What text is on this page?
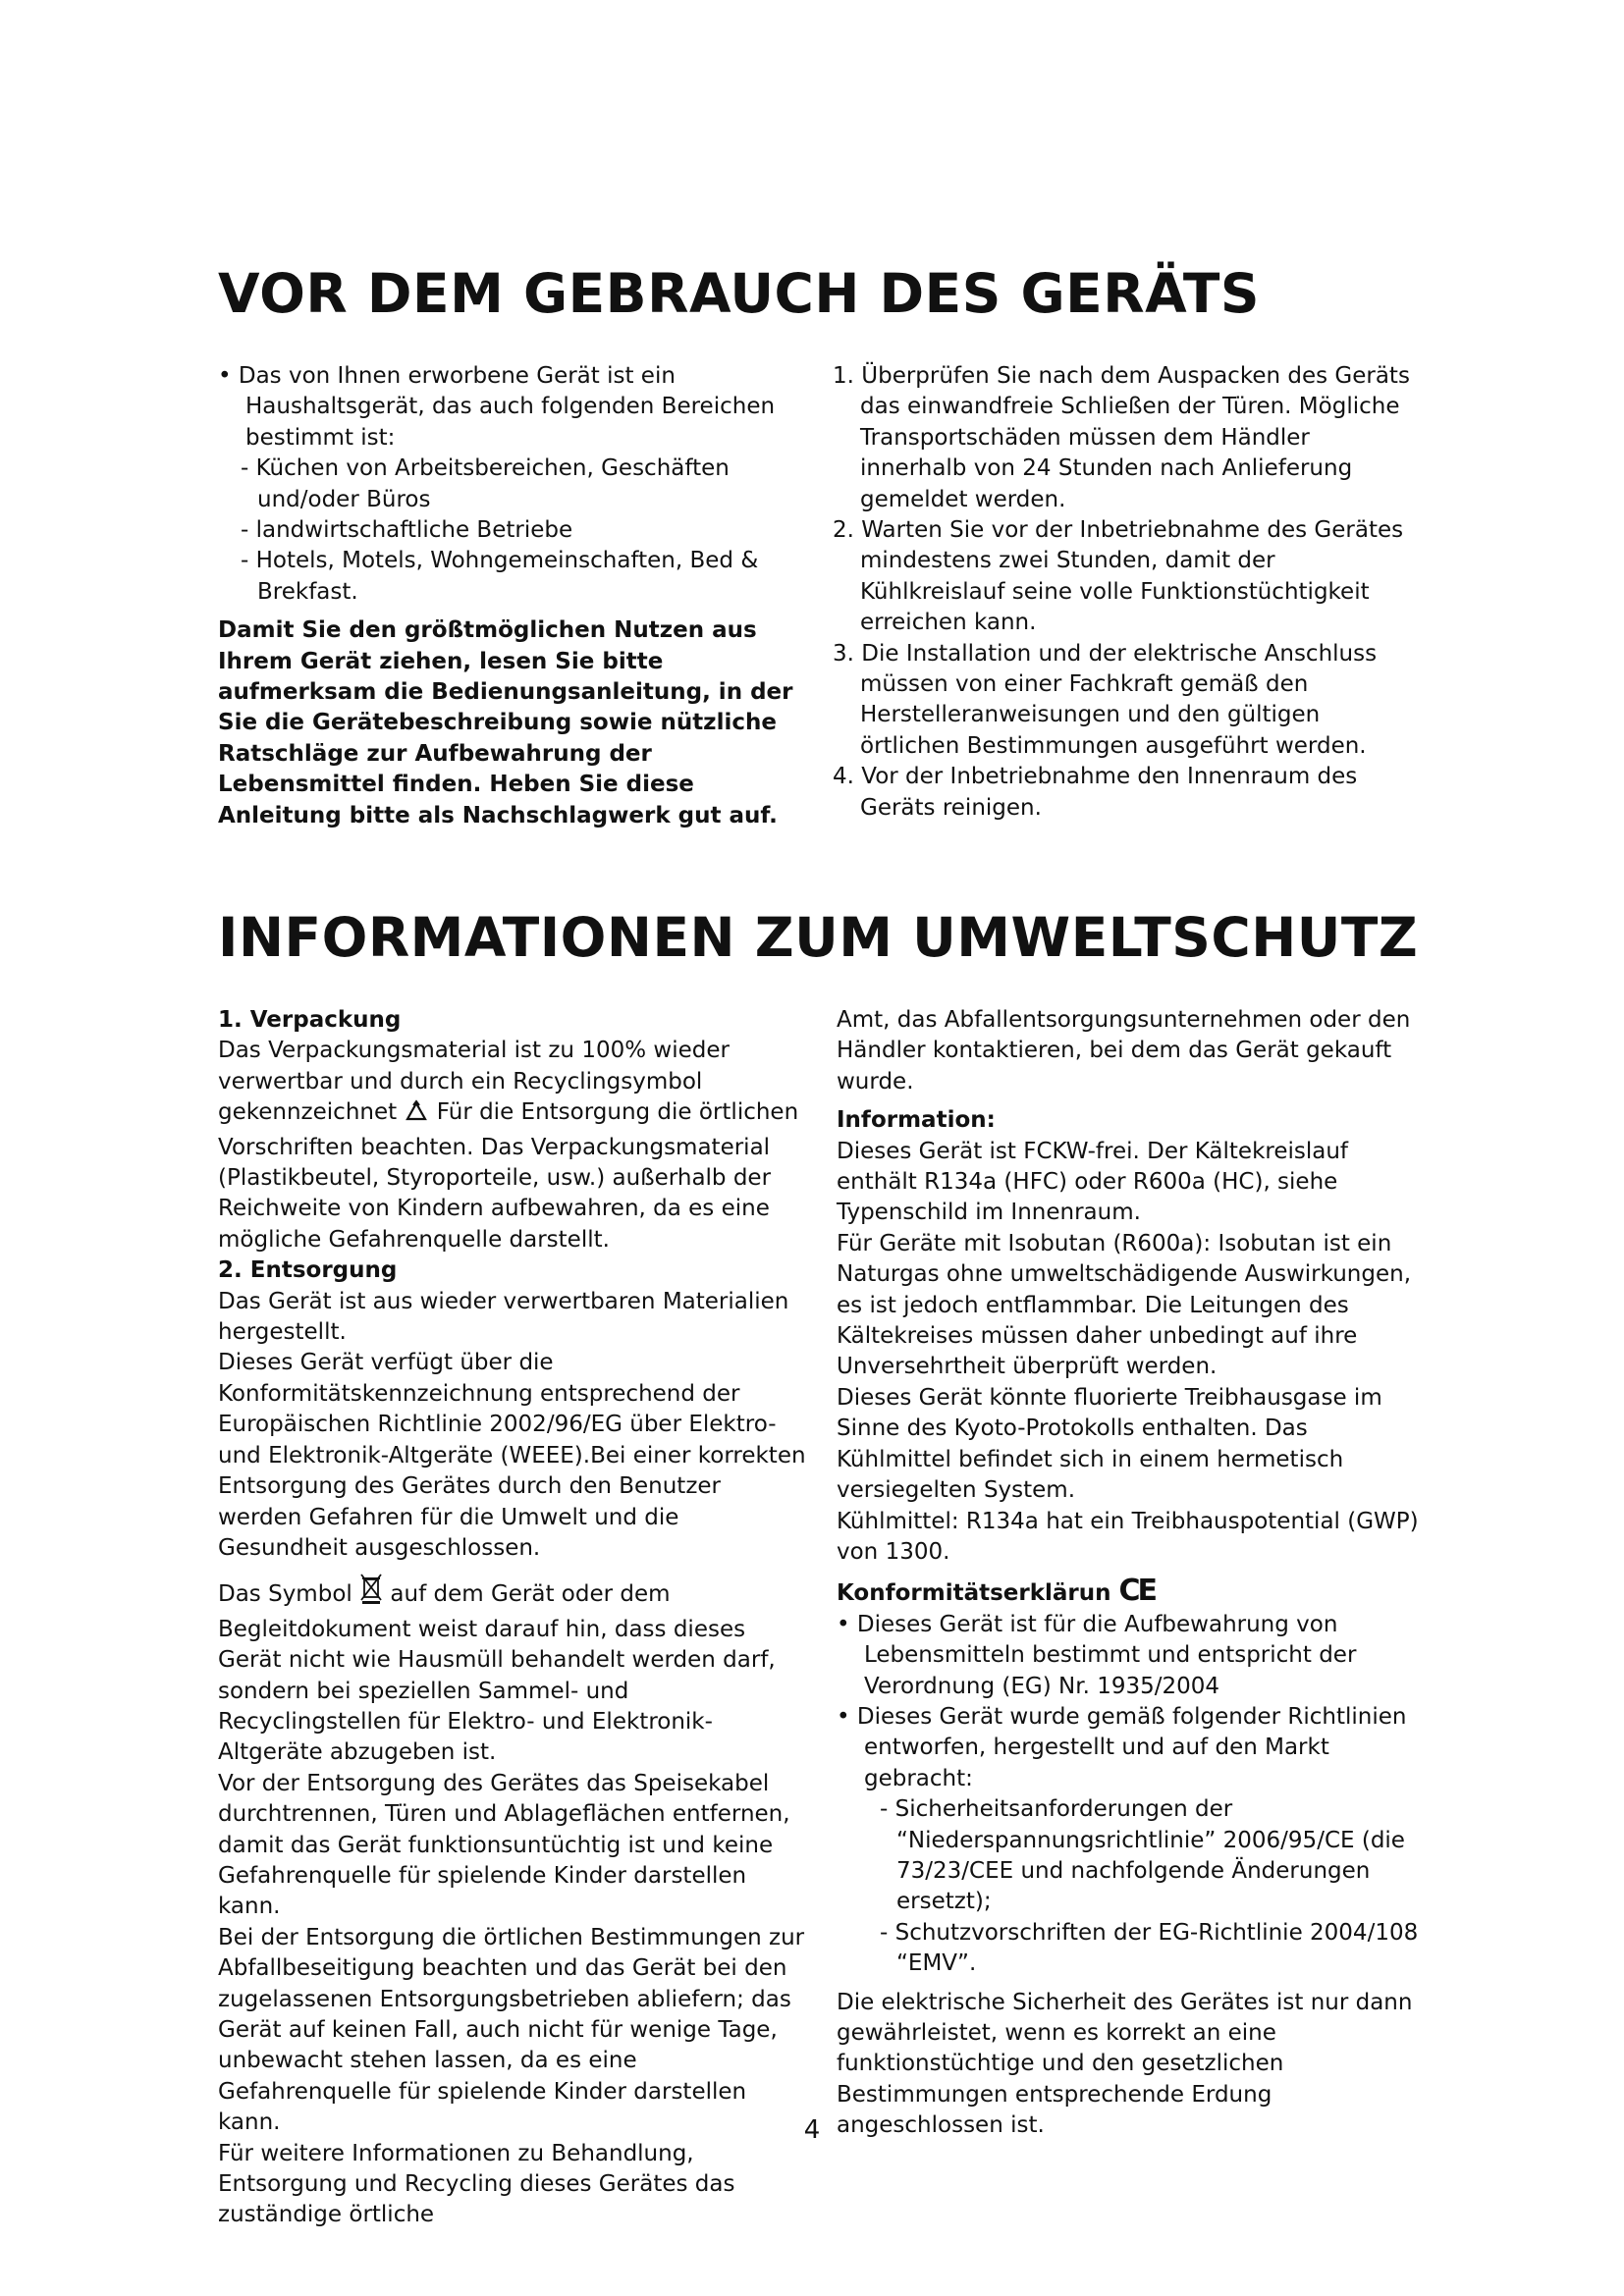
VOR DEM GEBRAUCH DES GERÄTS

• Das von Ihnen erworbene Gerät ist ein Haushaltsgerät, das auch folgenden Bereichen bestimmt ist:

- Küchen von Arbeitsbereichen, Geschäften und/oder Büros

- landwirtschaftliche Betriebe

- Hotels, Motels, Wohngemeinschaften, Bed & Brekfast.

Damit Sie den größtmöglichen Nutzen aus Ihrem Gerät ziehen, lesen Sie bitte aufmerksam die Bedienungsanleitung, in der Sie die Gerätebeschreibung sowie nützliche Ratschläge zur Aufbewahrung der Lebensmittel finden. Heben Sie diese Anleitung bitte als Nachschlagwerk gut auf.

1. Überprüfen Sie nach dem Auspacken des Geräts das einwandfreie Schließen der Türen. Mögliche Transportschäden müssen dem Händler innerhalb von 24 Stunden nach Anlieferung gemeldet werden.

2. Warten Sie vor der Inbetriebnahme des Gerätes mindestens zwei Stunden, damit der Kühlkreislauf seine volle Funktionstüchtigkeit erreichen kann.

3. Die Installation und der elektrische Anschluss müssen von einer Fachkraft gemäß den Herstelleranweisungen und den gültigen örtlichen Bestimmungen ausgeführt werden.

4. Vor der Inbetriebnahme den Innenraum des Geräts reinigen.

INFORMATIONEN ZUM UMWELTSCHUTZ

1. Verpackung

Das Verpackungsmaterial ist zu 100% wieder verwertbar und durch ein Recyclingsymbol gekennzeichnet Für die Entsorgung die örtlichen Vorschriften beachten. Das Verpackungsmaterial (Plastikbeutel, Styroporteile, usw.) außerhalb der Reichweite von Kindern aufbewahren, da es eine mögliche Gefahrenquelle darstellt.

2. Entsorgung

Das Gerät ist aus wieder verwertbaren Materialien hergestellt.

Dieses Gerät verfügt über die Konformitätskennzeichnung entsprechend der Europäischen Richtlinie 2002/96/EG über Elektro- und Elektronik-Altgeräte (WEEE).Bei einer korrekten Entsorgung des Gerätes durch den Benutzer werden Gefahren für die Umwelt und die Gesundheit ausgeschlossen.

Das Symbol auf dem Gerät oder dem Begleitdokument weist darauf hin, dass dieses Gerät nicht wie Hausmüll behandelt werden darf, sondern bei speziellen Sammel- und Recyclingstellen für Elektro- und Elektronik-Altgeräte abzugeben ist.

Vor der Entsorgung des Gerätes das Speisekabel durchtrennen, Türen und Ablageflächen entfernen, damit das Gerät funktionsuntüchtig ist und keine Gefahrenquelle für spielende Kinder darstellen kann.

Bei der Entsorgung die örtlichen Bestimmungen zur Abfallbeseitigung beachten und das Gerät bei den zugelassenen Entsorgungsbetrieben abliefern; das Gerät auf keinen Fall, auch nicht für wenige Tage, unbewacht stehen lassen, da es eine Gefahrenquelle für spielende Kinder darstellen kann.

Für weitere Informationen zu Behandlung, Entsorgung und Recycling dieses Gerätes das zuständige örtliche

Amt, das Abfallentsorgungsunternehmen oder den Händler kontaktieren, bei dem das Gerät gekauft wurde.

Information:

Dieses Gerät ist FCKW-frei. Der Kältekreislauf enthält R134a (HFC) oder R600a (HC), siehe Typenschild im Innenraum.

Für Geräte mit Isobutan (R600a): Isobutan ist ein Naturgas ohne umweltschädigende Auswirkungen, es ist jedoch entflammbar. Die Leitungen des Kältekreises müssen daher unbedingt auf ihre Unversehrtheit überprüft werden.

Dieses Gerät könnte fluorierte Treibhausgase im Sinne des Kyoto-Protokolls enthalten. Das Kühlmittel befindet sich in einem hermetisch versiegelten System.

Kühlmittel: R134a hat ein Treibhauspotential (GWP) von 1300.

Konformitätserklärun CE

• Dieses Gerät ist für die Aufbewahrung von Lebensmitteln bestimmt und entspricht der Verordnung (EG) Nr. 1935/2004

• Dieses Gerät wurde gemäß folgender Richtlinien entworfen, hergestellt und auf den Markt gebracht:

- Sicherheitsanforderungen der “Niederspannungsrichtlinie” 2006/95/CE (die 73/23/CEE und nachfolgende Änderungen ersetzt);

- Schutzvorschriften der EG-Richtlinie 2004/108 “EMV”.

Die elektrische Sicherheit des Gerätes ist nur dann gewährleistet, wenn es korrekt an eine funktionstüchtige und den gesetzlichen Bestimmungen entsprechende Erdung angeschlossen ist.

4
